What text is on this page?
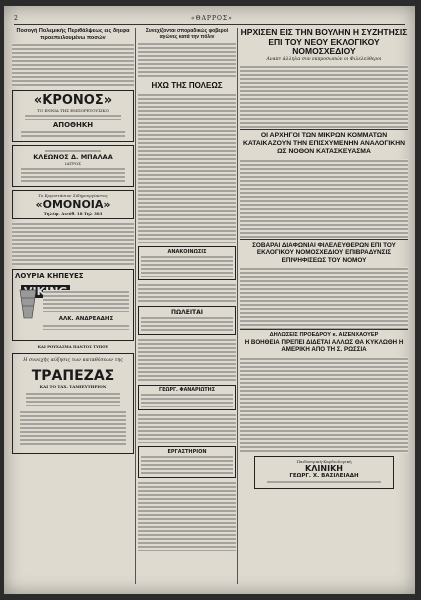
2	«ΘΑΡΡΟΣ»
Ποσογή Πολεμικής Περιθάλψεως εις δηεφα προεπειλουμένω ποσών
«ΚΡΟΝΟΣ»
ΤΟ ΕΝΝΙΑ ΤΗΣ ΕΜΠΟΡΕΥΟΥΣΙΚΟ
ΑΠΟΘΗΚΗ
ΚΛΕΩΝΟΣ Δ. ΜΠΑΛΑΑ
ΙΑΤΡΟΣ
Το Εργοστάσιον Σιδηρουργίαστος
«ΟΜΟΝΟΙΑ»
Τηλέφ. Διεύθ. 18 Τηλ 303
ΛΟΥΡΙΑ ΚΗΠΕΥΕΣ
ΑΛΚ. ΑΝΔΡΕΑΔΗΣ
ΚΑΙ ΡΟΥΧΑΣΜΑ ΠΑΝΤΟΣ ΤΥΠΟΥ
Η συνεχής αύξησις των καταθέσεων της
ΤΡΑΠΕΖΑΣ
ΚΑΙ ΤΟ ΤΑΧ. ΤΑΜΙΕΥΤΗΡΙΟΝ
Συνεχίζονται σποραδικώς φοβεροί αγώνες κατά την πόλιν
ΗΧΩ ΤΗΣ ΠΟΛΕΩΣ
ΑΝΑΚΟΙΝΩΣΙΣ
ΠΩΛΕΙΤΑΙ
ΓΕΩΡΓ. ΦΑΝΑΡΙΩΤΗΣ
ΕΡΓΑΣΤΗΡΙΟΝ
ΗΡΧΙΣΕΝ ΕΙΣ ΤΗΝ ΒΟΥΛΗΝ Η ΣΥΖΗΤΗΣΙΣ ΕΠΙ ΤΟΥ ΝΕΟΥ ΕΚΛΟΓΙΚΟΥ ΝΟΜΟΣΧΕΔΙΟΥ
Αναπτ άλληλα συν εκπροσωπών οι Φιλελεύθεροι
ΟΙ ΑΡΧΗΓΟΙ ΤΩΝ ΜΙΚΡΩΝ ΚΟΜΜΑΤΩΝ ΚΑΤΑΙΚΑΖΟΥΝ ΤΗΝ ΕΠΙΣΧΥΜΕΝΗΝ ΑΝΑΛΟΓΙΚΗΝ ΩΣ ΝΟΘΟΝ ΚΑΤΑΣΚΕΥΑΣΜΑ
ΣΟΒΑΡΑΙ ΔΙΑΦΩΝΙΑΙ ΦΙΛΕΛΕΥΘΕΡΩΝ ΕΠΙ ΤΟΥ ΕΚΛΟΓΙΚΟΥ ΝΟΜΟΣΧΕΔΙΟΥ ΕΠΙΒΡΑΔΥΝΣΙΣ ΕΠΙΨΗΦΙΣΕΩΣ ΤΟΥ ΝΟΜΟΥ
ΔΗΛΩΣΕΙΣ ΠΡΟΕΔΡΟΥ κ. ΑΙΖΕΝΧΑΟΥΕΡ
Η ΒΟΗΘΕΙΑ ΠΡΕΠΕΙ ΔΙΔΕΤΑΙ ΑΛΛΩΣ ΘΑ ΚΥΚΛΩΘΗ Η ΑΜΕΡΙΚΗ ΑΠΟ ΤΗ Σ. ΡΩΣΣΙΑ
Παιδιατρική-Καρδιολογική
ΚΛΙΝΙΚΗ
ΓΕΩΡΓ. Χ. ΒΑΣΙΛΕΙΑΔΗ
